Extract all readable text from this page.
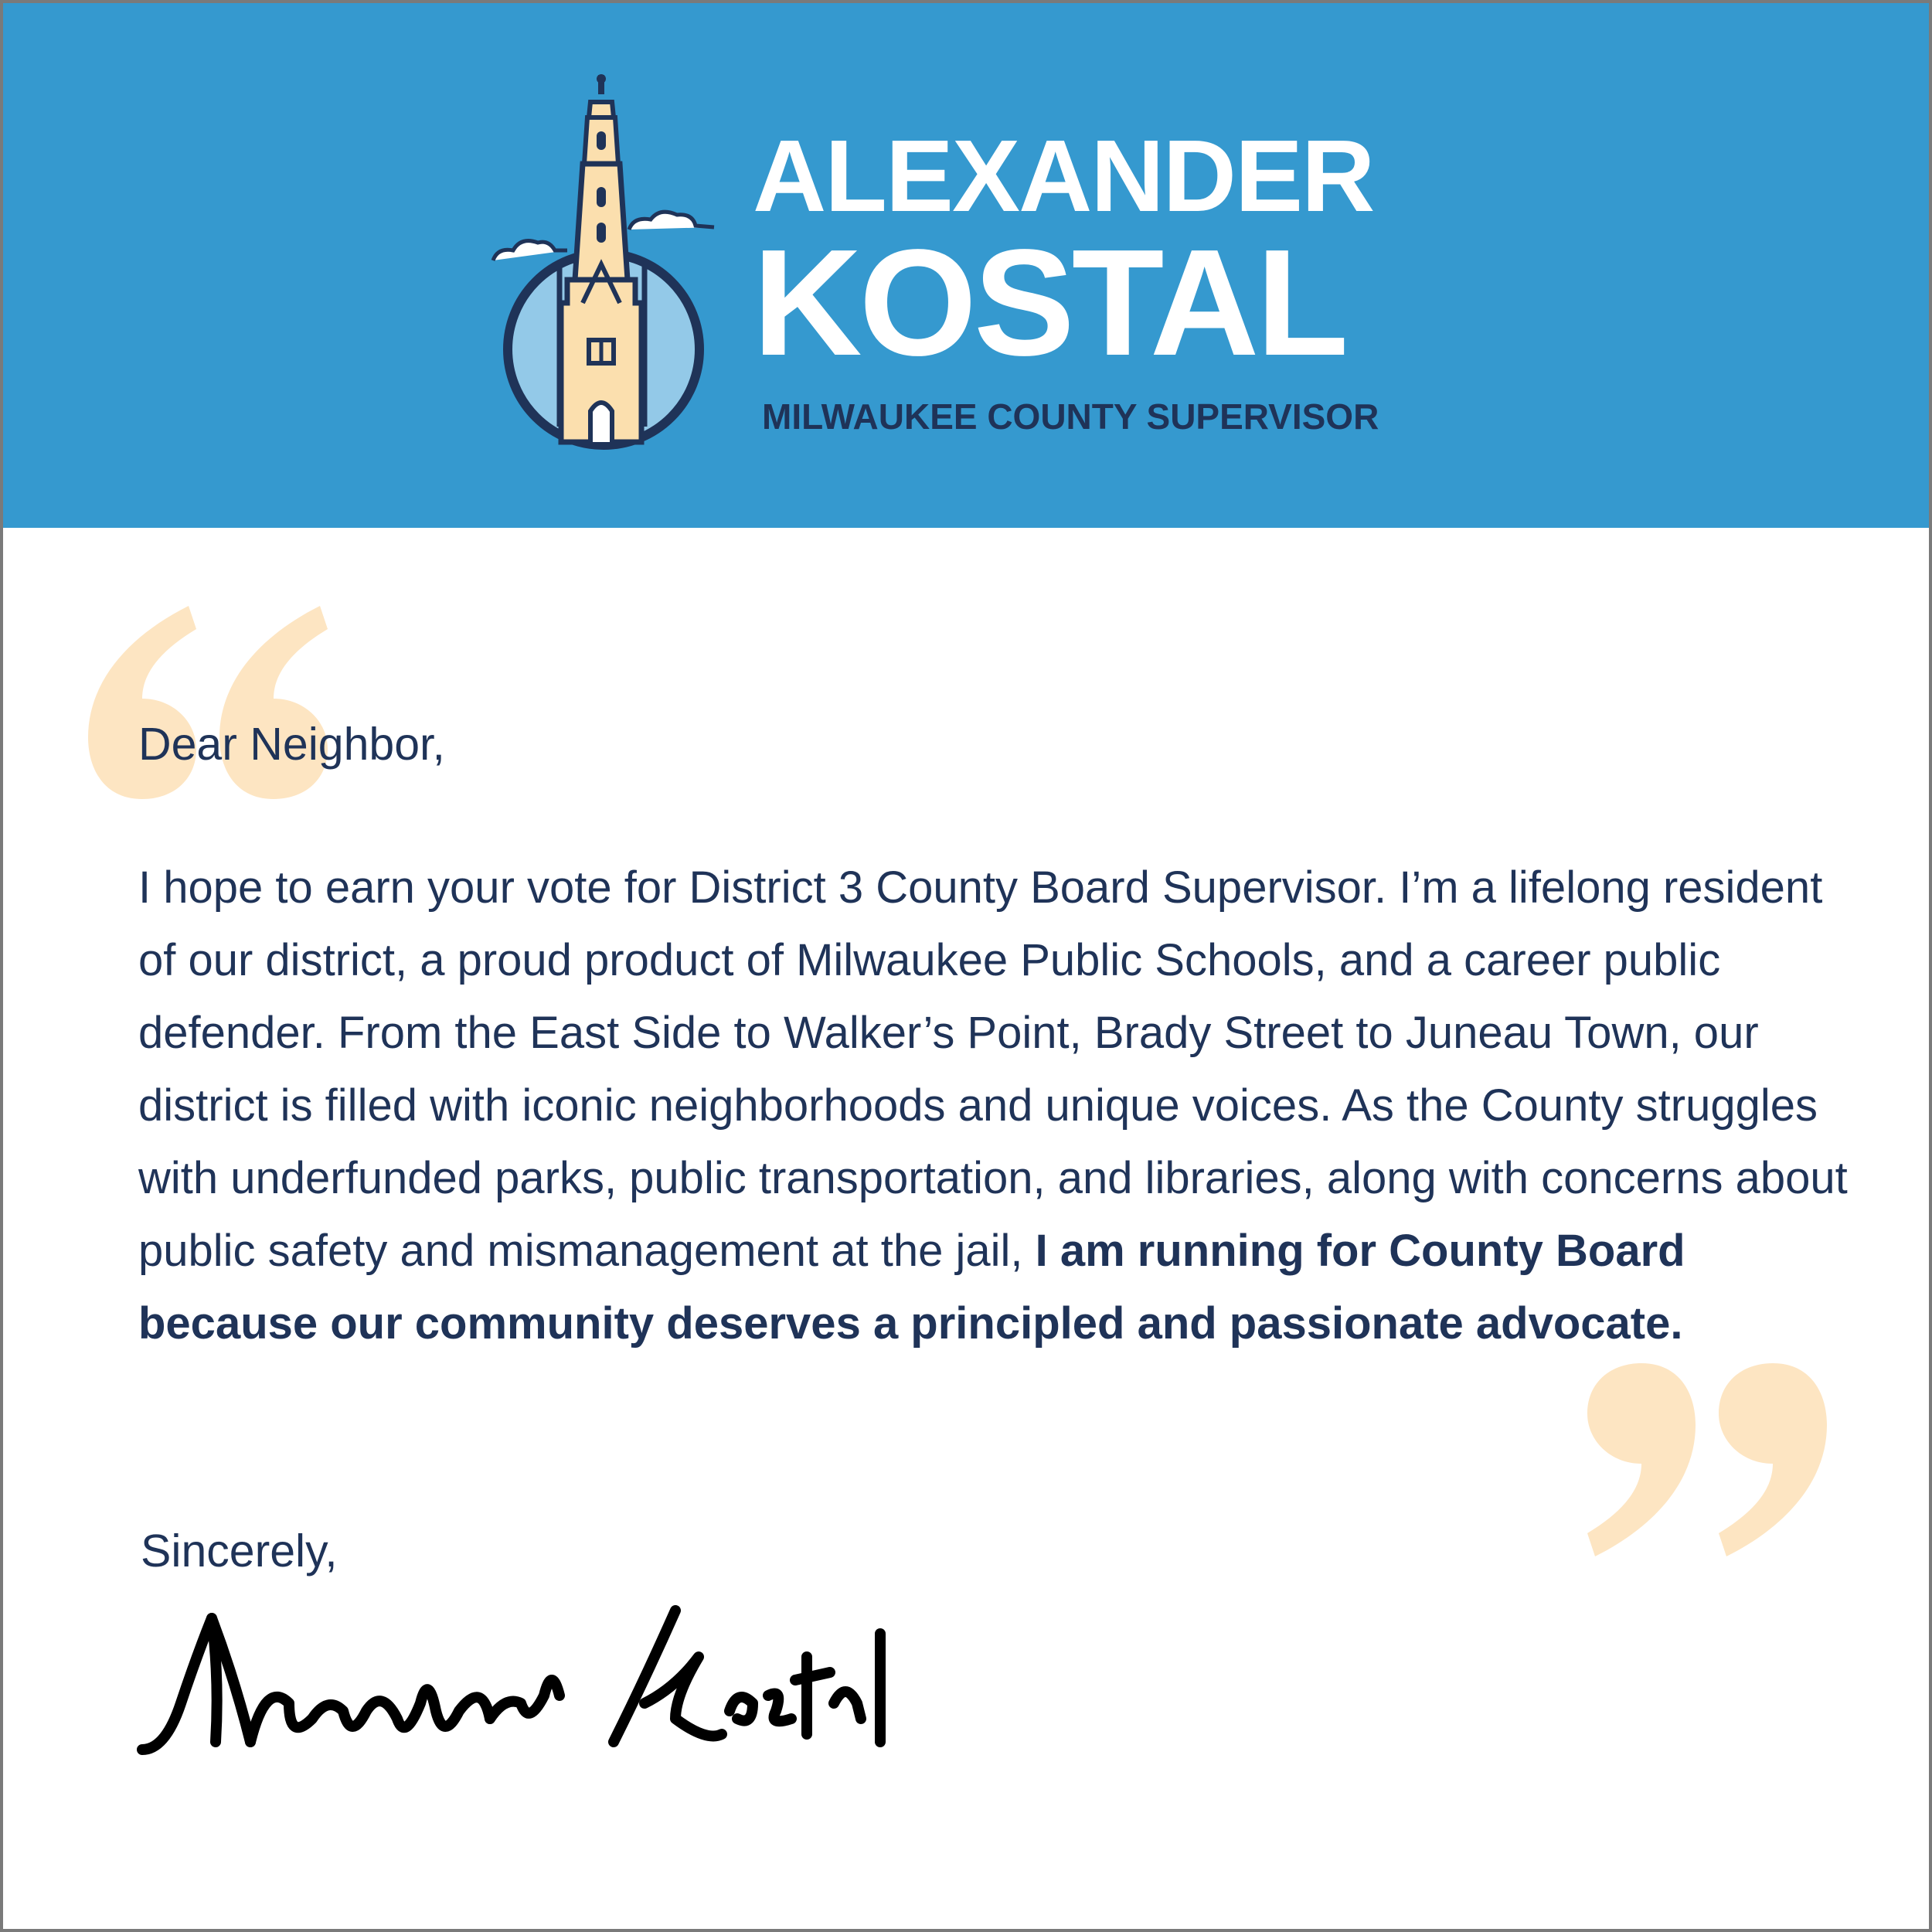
ALEXANDER
KOSTAL
MILWAUKEE COUNTY SUPERVISOR
Dear Neighbor,
I hope to earn your vote for District 3 County Board Supervisor. I’m a lifelong resident of our district, a proud product of Milwaukee Public Schools, and a career public defender. From the East Side to Walker’s Point, Brady Street to Juneau Town, our district is filled with iconic neighborhoods and unique voices. As the County struggles with underfunded parks, public transportation, and libraries, along with concerns about public safety and mismanagement at the jail, I am running for County Board because our community deserves a principled and passionate advocate.
Sincerely,
